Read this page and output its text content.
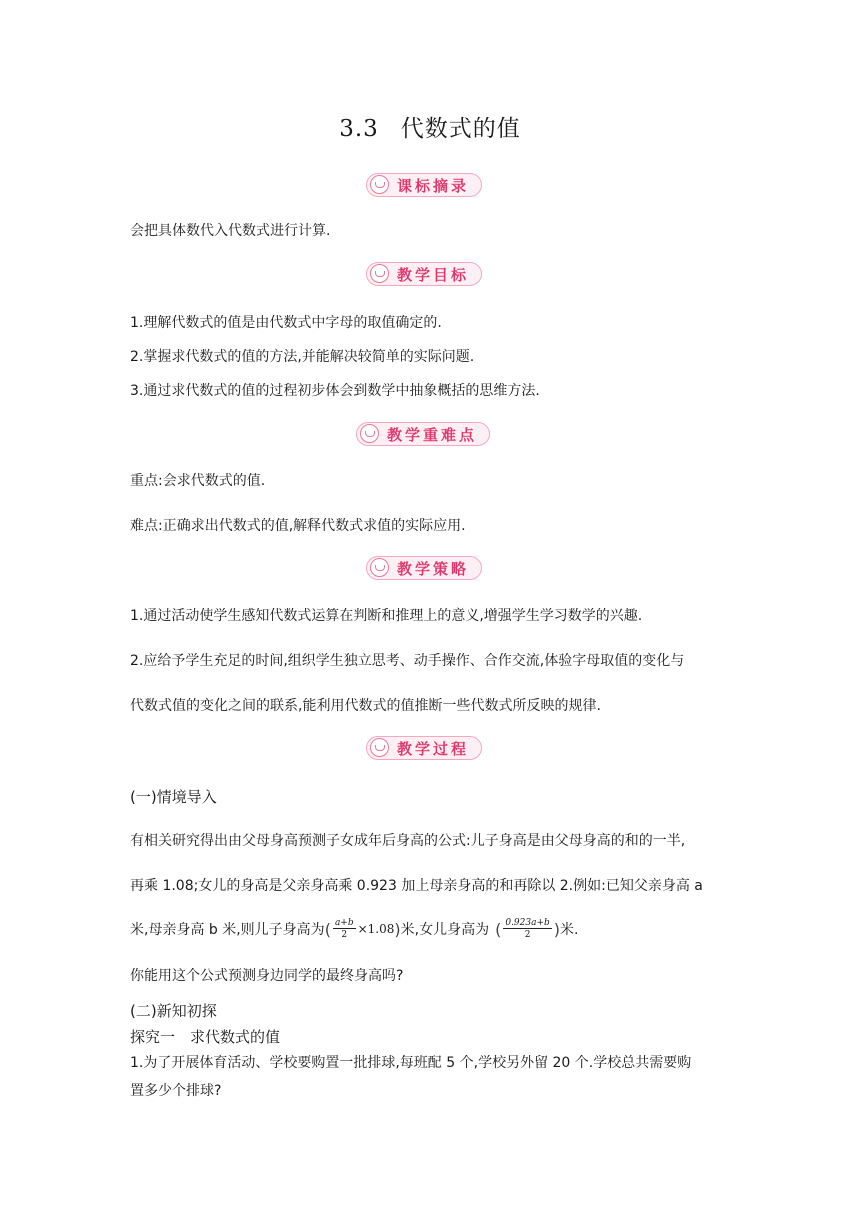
3.3 代数式的值
课标摘录
会把具体数代入代数式进行计算.
教学目标
1.理解代数式的值是由代数式中字母的取值确定的.
2.掌握求代数式的值的方法,并能解决较简单的实际问题.
3.通过求代数式的值的过程初步体会到数学中抽象概括的思维方法.
教学重难点
重点:会求代数式的值.
难点:正确求出代数式的值,解释代数式求值的实际应用.
教学策略
1.通过活动使学生感知代数式运算在判断和推理上的意义,增强学生学习数学的兴趣.
2.应给予学生充足的时间,组织学生独立思考、动手操作、合作交流,体验字母取值的变化与
代数式值的变化之间的联系,能利用代数式的值推断一些代数式所反映的规律.
教学过程
(一)情境导入
有相关研究得出由父母身高预测子女成年后身高的公式:儿子身高是由父母身高的和的一半,
再乘 1.08;女儿的身高是父亲身高乘 0.923 加上母亲身高的和再除以 2.例如:已知父亲身高 a
米,母亲身高 b 米,则儿子身高为 ( $\frac{a+b}{2} \times 1.08$ ) 米,女儿身高为 ( $\frac{0.923a+b}{2}$ ) 米.
你能用这个公式预测身边同学的最终身高吗?
(二)新知初探
探究一　求代数式的值
1.为了开展体育活动、学校要购置一批排球,每班配 5 个,学校另外留 20 个.学校总共需要购
置多少个排球?
